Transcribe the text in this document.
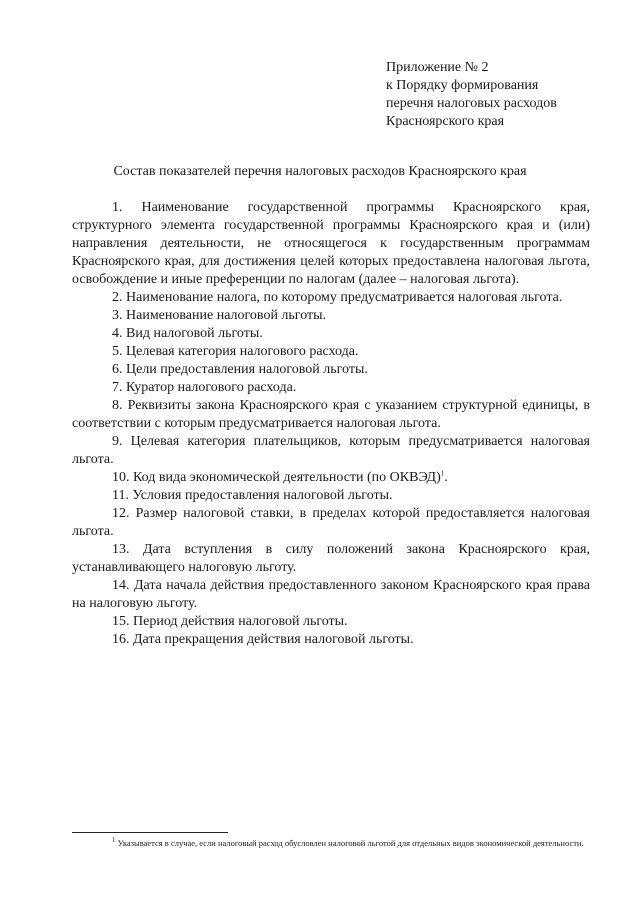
Приложение № 2
к Порядку формирования
перечня налоговых расходов
Красноярского края
Состав показателей перечня налоговых расходов Красноярского края

1. Наименование государственной программы Красноярского края, структурного элемента государственной программы Красноярского края и (или) направления деятельности, не относящегося к государственным программам Красноярского края, для достижения целей которых предоставлена налоговая льгота, освобождение и иные преференции по налогам (далее – налоговая льгота).

2. Наименование налога, по которому предусматривается налоговая льгота.

3. Наименование налоговой льготы.

4. Вид налоговой льготы.

5. Целевая категория налогового расхода.

6. Цели предоставления налоговой льготы.

7. Куратор налогового расхода.

8. Реквизиты закона Красноярского края с указанием структурной единицы, в соответствии с которым предусматривается налоговая льгота.

9. Целевая категория плательщиков, которым предусматривается налоговая льгота.

10. Код вида экономической деятельности (по ОКВЭД)$^1$.

11. Условия предоставления налоговой льготы.

12. Размер налоговой ставки, в пределах которой предоставляется налоговая льгота.

13. Дата вступления в силу положений закона Красноярского края, устанавливающего налоговую льготу.

14. Дата начала действия предоставленного законом Красноярского края права на налоговую льготу.

15. Период действия налоговой льготы.

16. Дата прекращения действия налоговой льготы.

$^1$ Указывается в случае, если налоговый расход обусловлен налоговой льготой для отдельных видов экономической деятельности.
